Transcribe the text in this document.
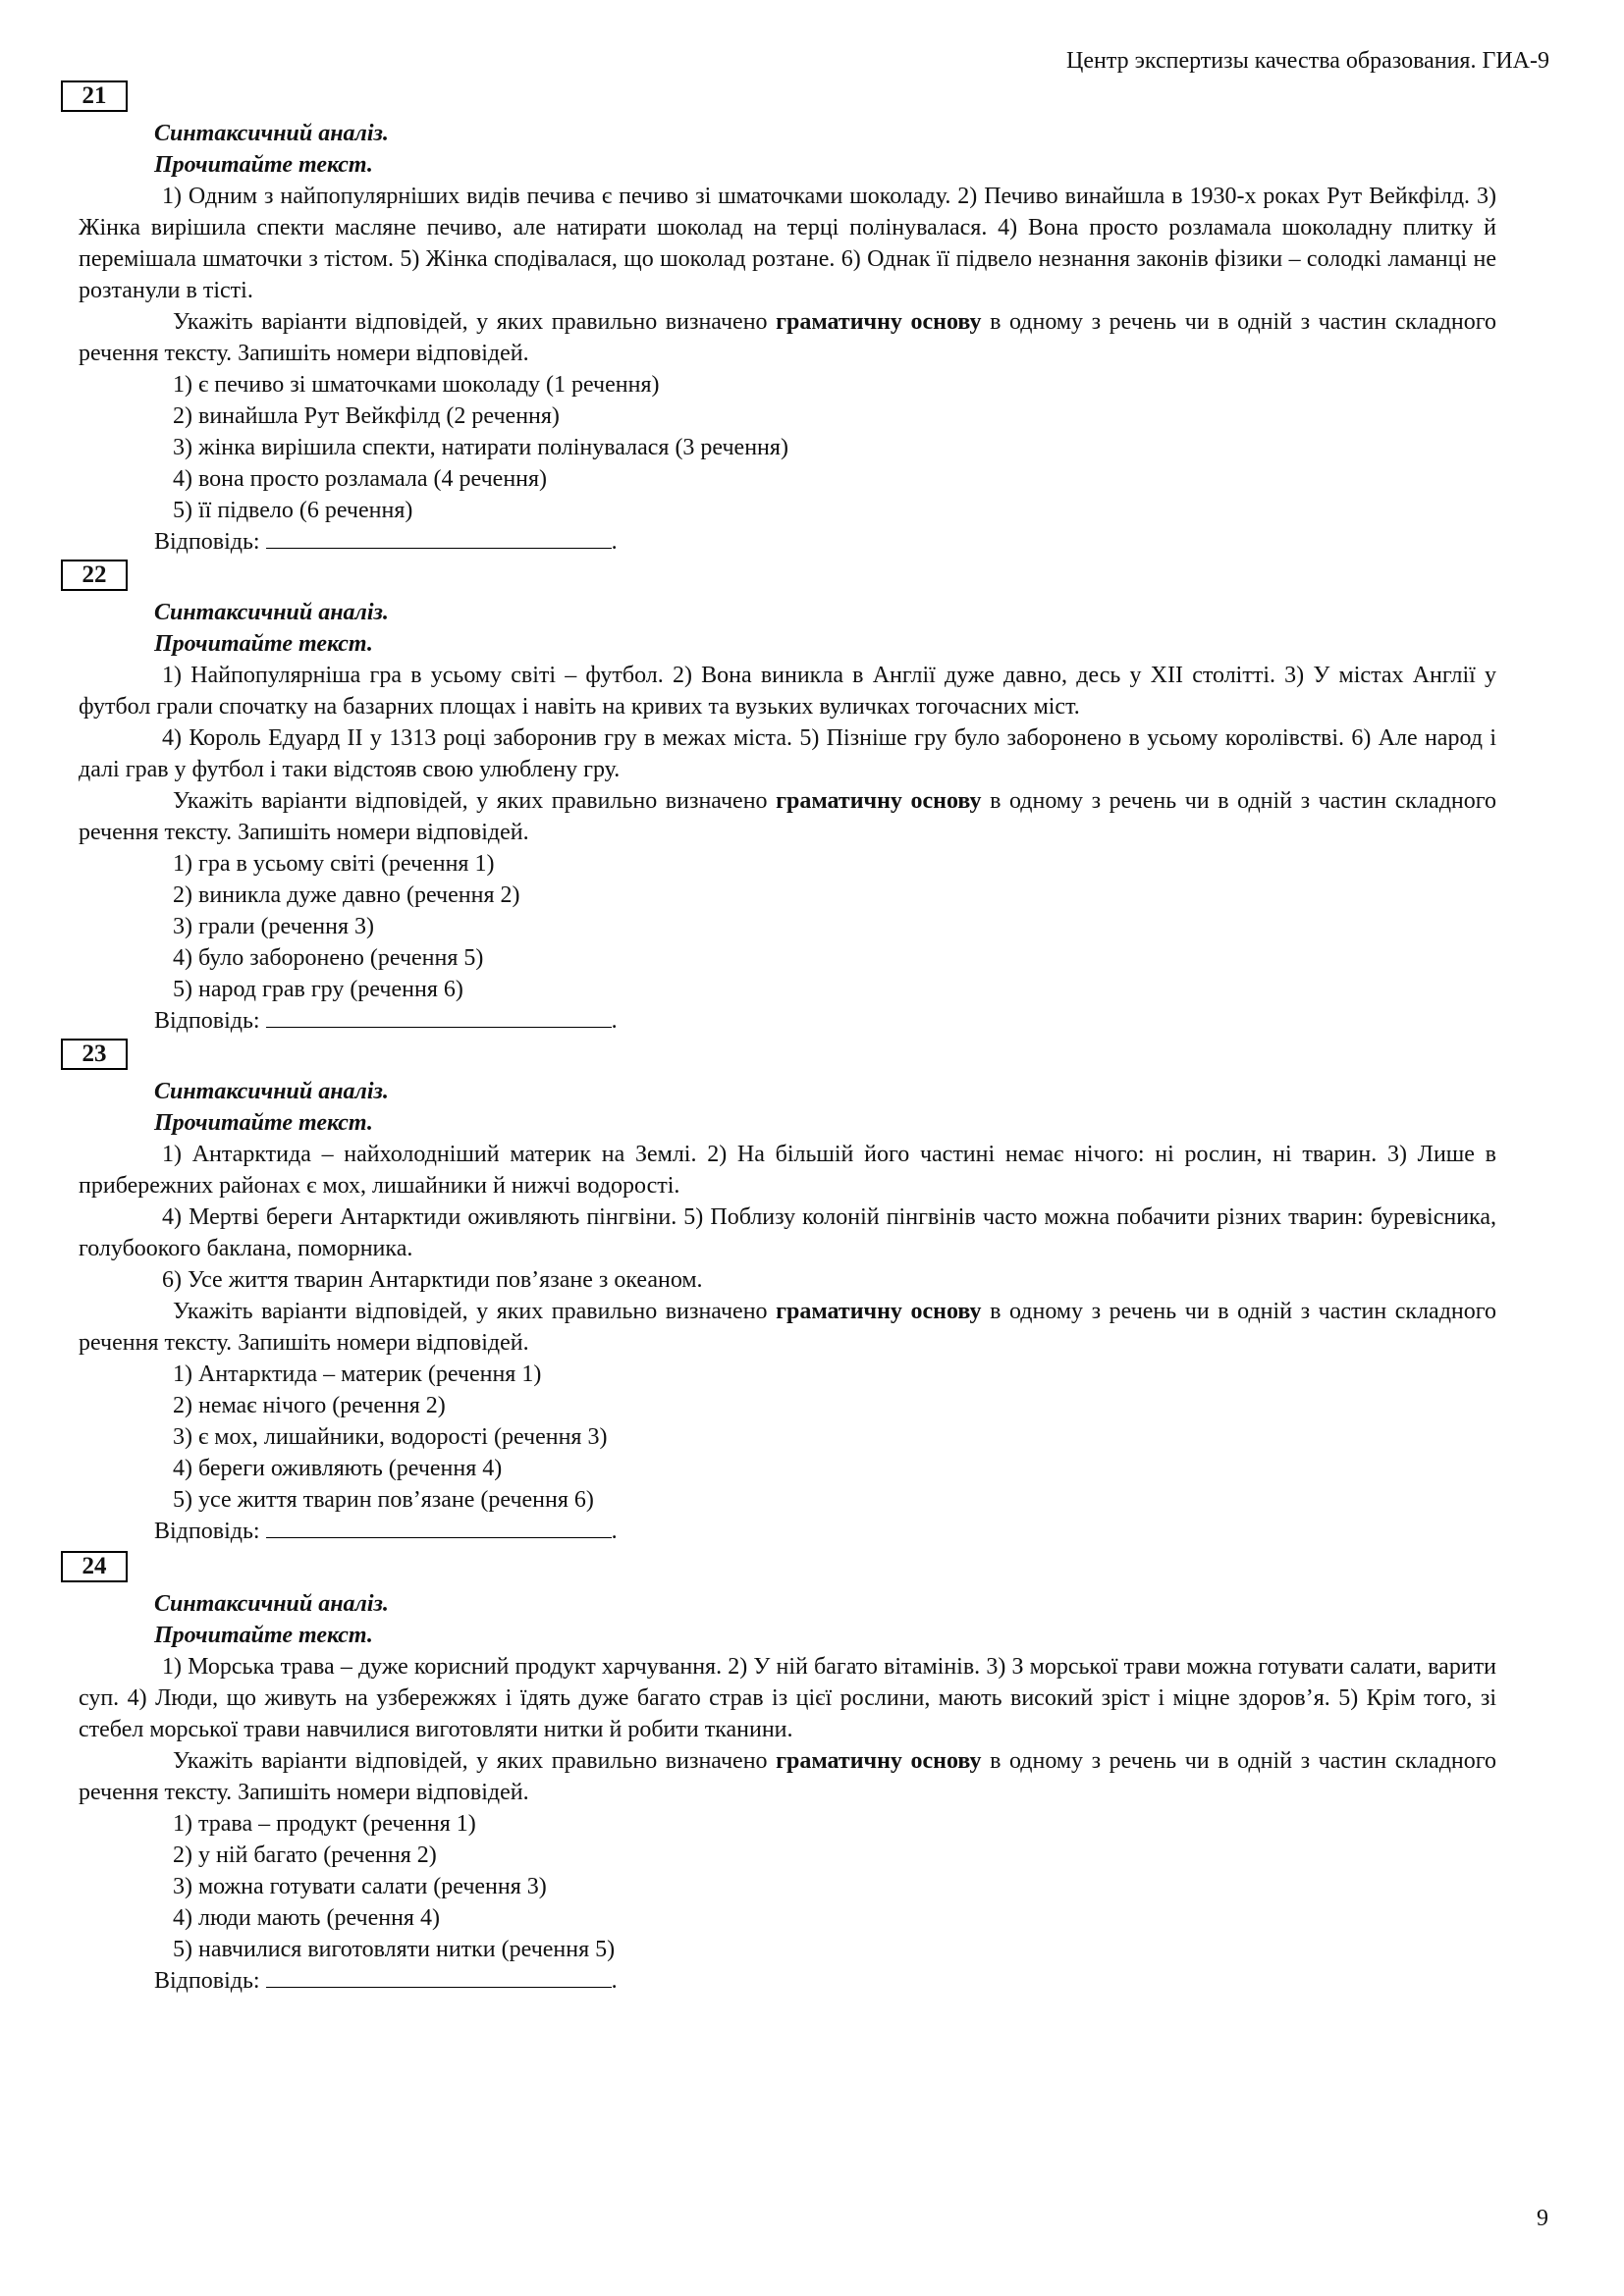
Центр экспертизы качества образования. ГИА-9
21
Синтаксичний аналіз.
Прочитайте текст.

1) Одним з найпопулярніших видів печива є печиво зі шматочками шоколаду. 2) Печиво винайшла в 1930-х роках Рут Вейкфілд. 3) Жінка вирішила спекти масляне печиво, але натирати шоколад на терці полінувалася. 4) Вона просто розламала шоколадну плитку й перемішала шматочки з тістом. 5) Жінка сподівалася, що шоколад розтане. 6) Однак її підвело незнання законів фізики – солодкі ламанці не розтанули в тісті.

Укажіть варіанти відповідей, у яких правильно визначено граматичну основу в одному з речень чи в одній з частин складного речення тексту. Запишіть номери відповідей.

1) є печиво зі шматочками шоколаду (1 речення)

2) винайшла Рут Вейкфілд (2 речення)

3) жінка вирішила спекти, натирати полінувалася (3 речення)

4) вона просто розламала (4 речення)

5) її підвело (6 речення)

Відповідь:	.
22
Синтаксичний аналіз.
Прочитайте текст.

1) Найпопулярніша гра в усьому світі – футбол. 2) Вона виникла в Англії дуже давно, десь у XII столітті. 3) У містах Англії у футбол грали спочатку на базарних площах і навіть на кривих та вузьких вуличках тогочасних міст.

4) Король Едуард II у 1313 році заборонив гру в межах міста. 5) Пізніше гру було заборонено в усьому королівстві. 6) Але народ і далі грав у футбол і таки відстояв свою улюблену гру.

Укажіть варіанти відповідей, у яких правильно визначено граматичну основу в одному з речень чи в одній з частин складного речення тексту. Запишіть номери відповідей.

1) гра в усьому світі (речення 1)

2) виникла дуже давно (речення 2)

3) грали (речення 3)

4) було заборонено (речення 5)

5) народ грав гру (речення 6)

Відповідь:	.
23
Синтаксичний аналіз.
Прочитайте текст.

1) Антарктида – найхолодніший материк на Землі. 2) На більшій його частині немає нічого: ні рослин, ні тварин. 3) Лише в прибережних районах є мох, лишайники й нижчі водорості.

4) Мертві береги Антарктиди оживляють пінгвіни. 5) Поблизу колоній пінгвінів часто можна побачити різних тварин: буревісника, голубоокого баклана, поморника.

6) Усе життя тварин Антарктиди пов’язане з океаном.

Укажіть варіанти відповідей, у яких правильно визначено граматичну основу в одному з речень чи в одній з частин складного речення тексту. Запишіть номери відповідей.

1) Антарктида – материк (речення 1)

2) немає нічого (речення 2)

3) є мох, лишайники, водорості (речення 3)

4) береги оживляють (речення 4)

5) усе життя тварин пов’язане (речення 6)

Відповідь:	.
24
Синтаксичний аналіз.
Прочитайте текст.

1) Морська трава – дуже корисний продукт харчування. 2) У ній багато вітамінів. 3) З морської трави можна готувати салати, варити суп. 4) Люди, що живуть на узбережжях і їдять дуже багато страв із цієї рослини, мають високий зріст і міцне здоров’я. 5) Крім того, зі стебел морської трави навчилися виготовляти нитки й робити тканини.

Укажіть варіанти відповідей, у яких правильно визначено граматичну основу в одному з речень чи в одній з частин складного речення тексту. Запишіть номери відповідей.

1) трава – продукт (речення 1)

2) у ній багато (речення 2)

3) можна готувати салати (речення 3)

4) люди мають (речення 4)

5) навчилися виготовляти нитки (речення 5)

Відповідь:	.
9
